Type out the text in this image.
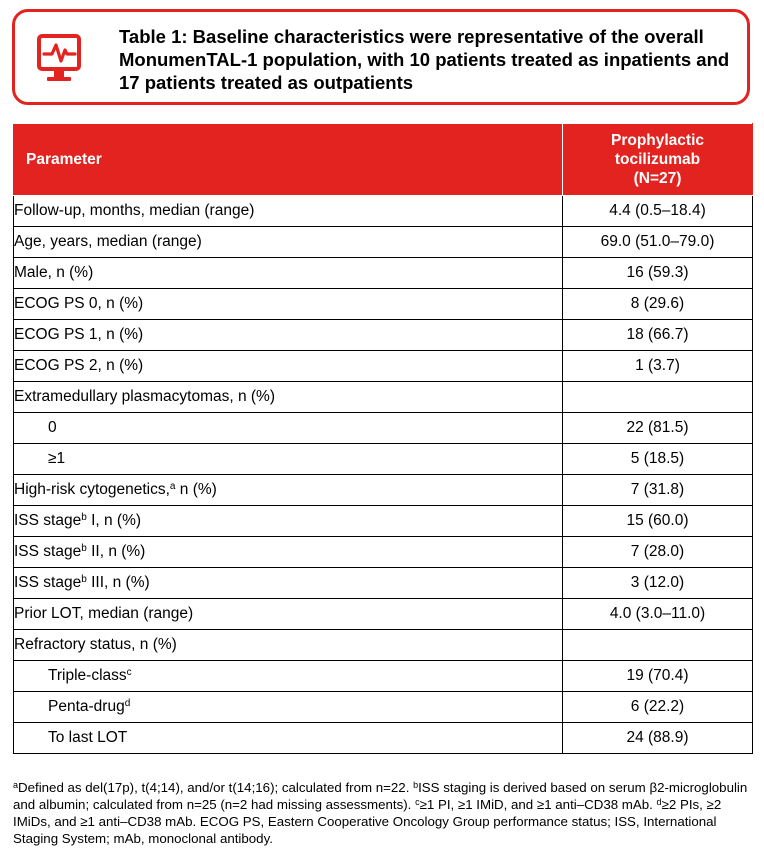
Table 1: Baseline characteristics were representative of the overall MonumenTAL-1 population, with 10 patients treated as inpatients and 17 patients treated as outpatients
Parameter	Prophylactic
tocilizumab
(N=27)
Follow-up, months, median (range)	4.4 (0.5–18.4)
Age, years, median (range)	69.0 (51.0–79.0)
Male, n (%)	16 (59.3)
ECOG PS 0, n (%)	8 (29.6)
ECOG PS 1, n (%)	18 (66.7)
ECOG PS 2, n (%)	1 (3.7)
Extramedullary plasmacytomas, n (%)	
0	22 (81.5)
≥1	5 (18.5)
High-risk cytogenetics,$^a$ n (%)	7 (31.8)
ISS stage$^b$ I, n (%)	15 (60.0)
ISS stage$^b$ II, n (%)	7 (28.0)
ISS stage$^b$ III, n (%)	3 (12.0)
Prior LOT, median (range)	4.0 (3.0–11.0)
Refractory status, n (%)	
Triple-class$^c$	19 (70.4)
Penta-drug$^d$	6 (22.2)
To last LOT	24 (88.9)
$^a$Defined as del(17p), t(4;14), and/or t(14;16); calculated from n=22. $^b$ISS staging is derived based on serum β2-microglobulin and albumin; calculated from n=25 (n=2 had missing assessments). $^c$≥1 PI, ≥1 IMiD, and ≥1 anti–CD38 mAb. $^d$≥2 PIs, ≥2 IMiDs, and ≥1 anti–CD38 mAb. ECOG PS, Eastern Cooperative Oncology Group performance status; ISS, International Staging System; mAb, monoclonal antibody.
